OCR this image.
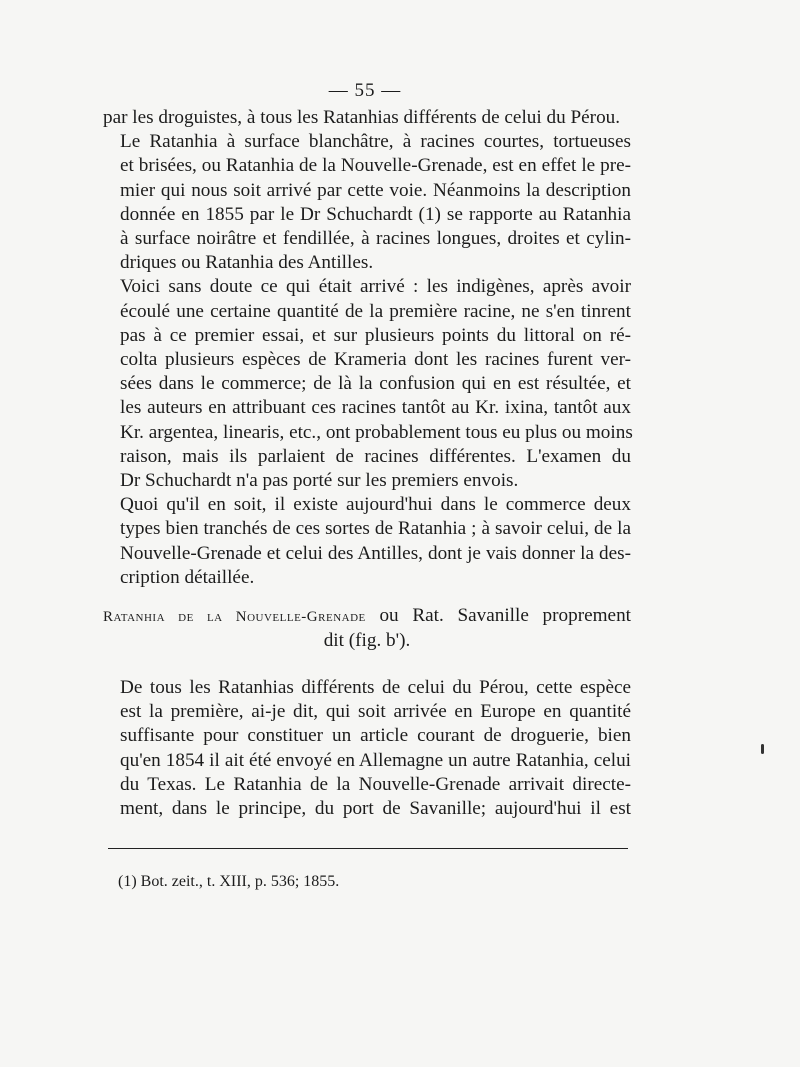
— 55 —

par les droguistes, à tous les Ratanhias différents de celui du Pérou.

Le Ratanhia à surface blanchâtre, à racines courtes, tortueuses
et brisées, ou Ratanhia de la Nouvelle-Grenade, est en effet le pre-
mier qui nous soit arrivé par cette voie. Néanmoins la description
donnée en 1855 par le Dr Schuchardt (1) se rapporte au Ratanhia
à surface noirâtre et fendillée, à racines longues, droites et cylin-
driques ou Ratanhia des Antilles.

Voici sans doute ce qui était arrivé : les indigènes, après avoir
écoulé une certaine quantité de la première racine, ne s'en tinrent
pas à ce premier essai, et sur plusieurs points du littoral on ré-
colta plusieurs espèces de Krameria dont les racines furent ver-
sées dans le commerce; de là la confusion qui en est résultée, et
les auteurs en attribuant ces racines tantôt au Kr. ixina, tantôt aux
Kr. argentea, linearis, etc., ont probablement tous eu plus ou moins
raison, mais ils parlaient de racines différentes. L'examen du
Dr Schuchardt n'a pas porté sur les premiers envois.

Quoi qu'il en soit, il existe aujourd'hui dans le commerce deux
types bien tranchés de ces sortes de Ratanhia ; à savoir celui, de la
Nouvelle-Grenade et celui des Antilles, dont je vais donner la des-
cription détaillée.

Ratanhia de la Nouvelle-Grenade ou Rat. Savanille proprement
dit (fig. b').

De tous les Ratanhias différents de celui du Pérou, cette espèce
est la première, ai-je dit, qui soit arrivée en Europe en quantité
suffisante pour constituer un article courant de droguerie, bien
qu'en 1854 il ait été envoyé en Allemagne un autre Ratanhia, celui
du Texas. Le Ratanhia de la Nouvelle-Grenade arrivait directe-
ment, dans le principe, du port de Savanille; aujourd'hui il est

(1) Bot. zeit., t. XIII, p. 536; 1855.
